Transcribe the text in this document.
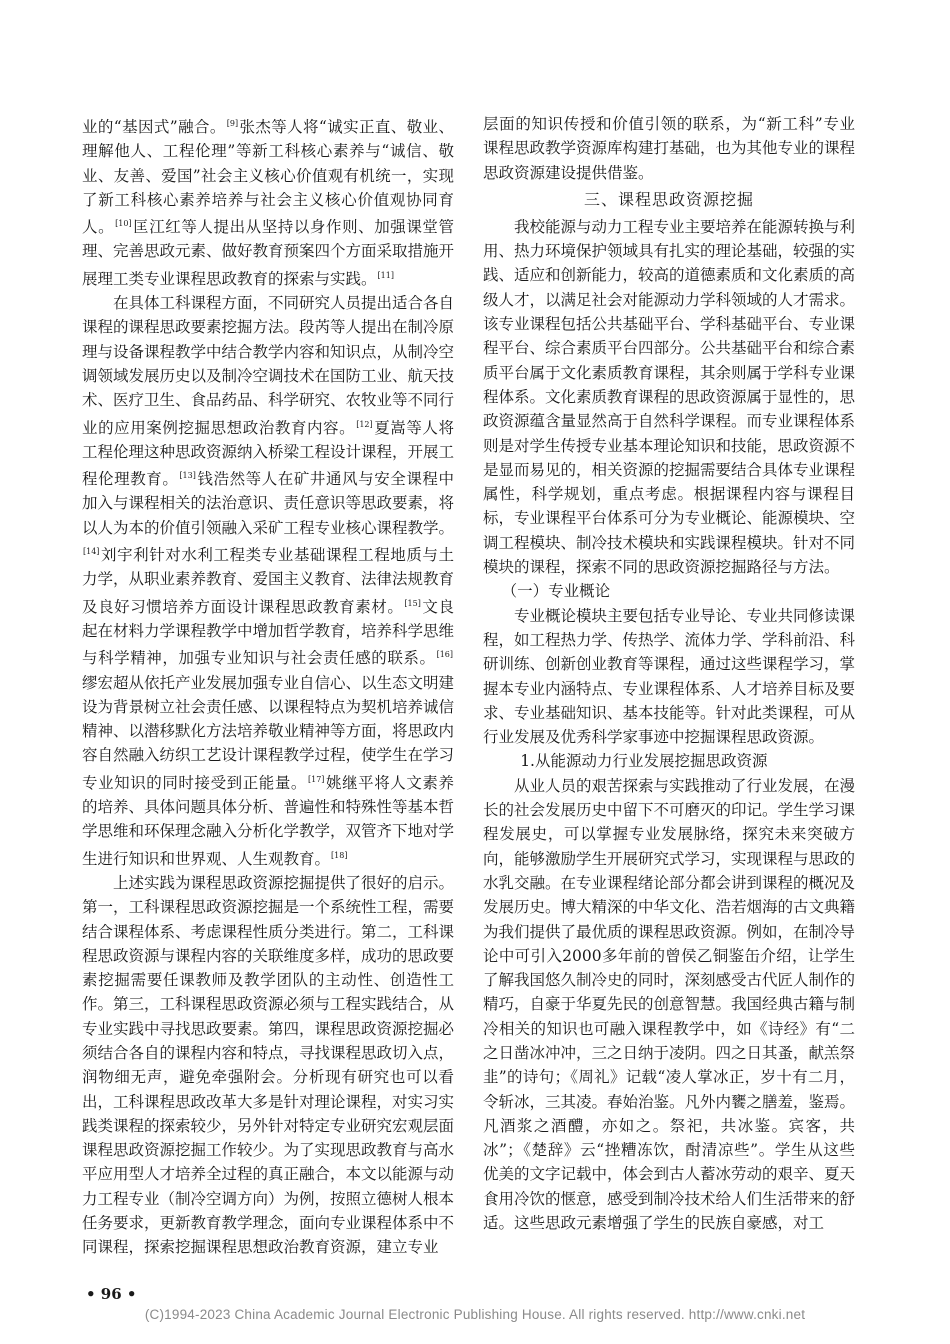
业的“基因式”融合。[9]张杰等人将“诚实正直、敬业、理解他人、工程伦理”等新工科核心素养与“诚信、敬业、友善、爱国”社会主义核心价值观有机统一，实现了新工科核心素养培养与社会主义核心价值观协同育人。[10]匡江红等人提出从坚持以身作则、加强课堂管理、完善思政元素、做好教育预案四个方面采取措施开展理工类专业课程思政教育的探索与实践。[11]

在具体工科课程方面，不同研究人员提出适合各自课程的课程思政要素挖掘方法。段芮等人提出在制冷原理与设备课程教学中结合教学内容和知识点，从制冷空调领域发展历史以及制冷空调技术在国防工业、航天技术、医疗卫生、食品药品、科学研究、农牧业等不同行业的应用案例挖掘思想政治教育内容。[12]夏嵩等人将工程伦理这种思政资源纳入桥梁工程设计课程，开展工程伦理教育。[13]钱浩然等人在矿井通风与安全课程中加入与课程相关的法治意识、责任意识等思政要素，将以人为本的价值引领融入采矿工程专业核心课程教学。[14]刘宇利针对水利工程类专业基础课程工程地质与土力学，从职业素养教育、爱国主义教育、法律法规教育及良好习惯培养方面设计课程思政教育素材。[15]文良起在材料力学课程教学中增加哲学教育，培养科学思维与科学精神，加强专业知识与社会责任感的联系。[16]缪宏超从依托产业发展加强专业自信心、以生态文明建设为背景树立社会责任感、以课程特点为契机培养诚信精神、以潜移默化方法培养敬业精神等方面，将思政内容自然融入纺织工艺设计课程教学过程，使学生在学习专业知识的同时接受到正能量。[17]姚继平将人文素养的培养、具体问题具体分析、普遍性和特殊性等基本哲学思维和环保理念融入分析化学教学，双管齐下地对学生进行知识和世界观、人生观教育。[18]

上述实践为课程思政资源挖掘提供了很好的启示。第一，工科课程思政资源挖掘是一个系统性工程，需要结合课程体系、考虑课程性质分类进行。第二，工科课程思政资源与课程内容的关联维度多样，成功的思政要素挖掘需要任课教师及教学团队的主动性、创造性工作。第三，工科课程思政资源必须与工程实践结合，从专业实践中寻找思政要素。第四，课程思政资源挖掘必须结合各自的课程内容和特点，寻找课程思政切入点，润物细无声，避免牵强附会。分析现有研究也可以看出，工科课程思政改革大多是针对理论课程，对实习实践类课程的探索较少，另外针对特定专业研究宏观层面课程思政资源挖掘工作较少。为了实现思政教育与高水平应用型人才培养全过程的真正融合，本文以能源与动力工程专业（制冷空调方向）为例，按照立德树人根本任务要求，更新教育教学理念，面向专业课程体系中不同课程，探索挖掘课程思想政治教育资源，建立专业

层面的知识传授和价值引领的联系，为“新工科”专业课程思政教学资源库构建打基础，也为其他专业的课程思政资源建设提供借鉴。

三、课程思政资源挖掘

我校能源与动力工程专业主要培养在能源转换与利用、热力环境保护领域具有扎实的理论基础，较强的实践、适应和创新能力，较高的道德素质和文化素质的高级人才，以满足社会对能源动力学科领域的人才需求。该专业课程包括公共基础平台、学科基础平台、专业课程平台、综合素质平台四部分。公共基础平台和综合素质平台属于文化素质教育课程，其余则属于学科专业课程体系。文化素质教育课程的思政资源属于显性的，思政资源蕴含量显然高于自然科学课程。而专业课程体系则是对学生传授专业基本理论知识和技能，思政资源不是显而易见的，相关资源的挖掘需要结合具体专业课程属性，科学规划，重点考虑。根据课程内容与课程目标，专业课程平台体系可分为专业概论、能源模块、空调工程模块、制冷技术模块和实践课程模块。针对不同模块的课程，探索不同的思政资源挖掘路径与方法。

（一）专业概论

专业概论模块主要包括专业导论、专业共同修读课程，如工程热力学、传热学、流体力学、学科前沿、科研训练、创新创业教育等课程，通过这些课程学习，掌握本专业内涵特点、专业课程体系、人才培养目标及要求、专业基础知识、基本技能等。针对此类课程，可从行业发展及优秀科学家事迹中挖掘课程思政资源。

1.从能源动力行业发展挖掘思政资源

从业人员的艰苦探索与实践推动了行业发展，在漫长的社会发展历史中留下不可磨灭的印记。学生学习课程发展史，可以掌握专业发展脉络，探究未来突破方向，能够激励学生开展研究式学习，实现课程与思政的水乳交融。在专业课程绪论部分都会讲到课程的概况及发展历史。博大精深的中华文化、浩若烟海的古文典籍为我们提供了最优质的课程思政资源。例如，在制冷导论中可引入2000多年前的曾侯乙铜鉴缶介绍，让学生了解我国悠久制冷史的同时，深刻感受古代匠人制作的精巧，自豪于华夏先民的创意智慧。我国经典古籍与制冷相关的知识也可融入课程教学中，如《诗经》有“二之日凿冰冲冲，三之日纳于凌阴。四之日其蚤，献羔祭韭”的诗句；《周礼》记载“凌人掌冰正，岁十有二月，令斩冰，三其凌。春始治鉴。凡外内饔之膳羞，鉴焉。凡酒浆之酒醴，亦如之。祭祀，共冰鉴。宾客，共冰”；《楚辞》云“挫糟冻饮，酎清凉些”。学生从这些优美的文字记载中，体会到古人蓄冰劳动的艰辛、夏天食用冷饮的惬意，感受到制冷技术给人们生活带来的舒适。这些思政元素增强了学生的民族自豪感，对工

• 96 •
(C)1994-2023 China Academic Journal Electronic Publishing House. All rights reserved. http://www.cnki.net
